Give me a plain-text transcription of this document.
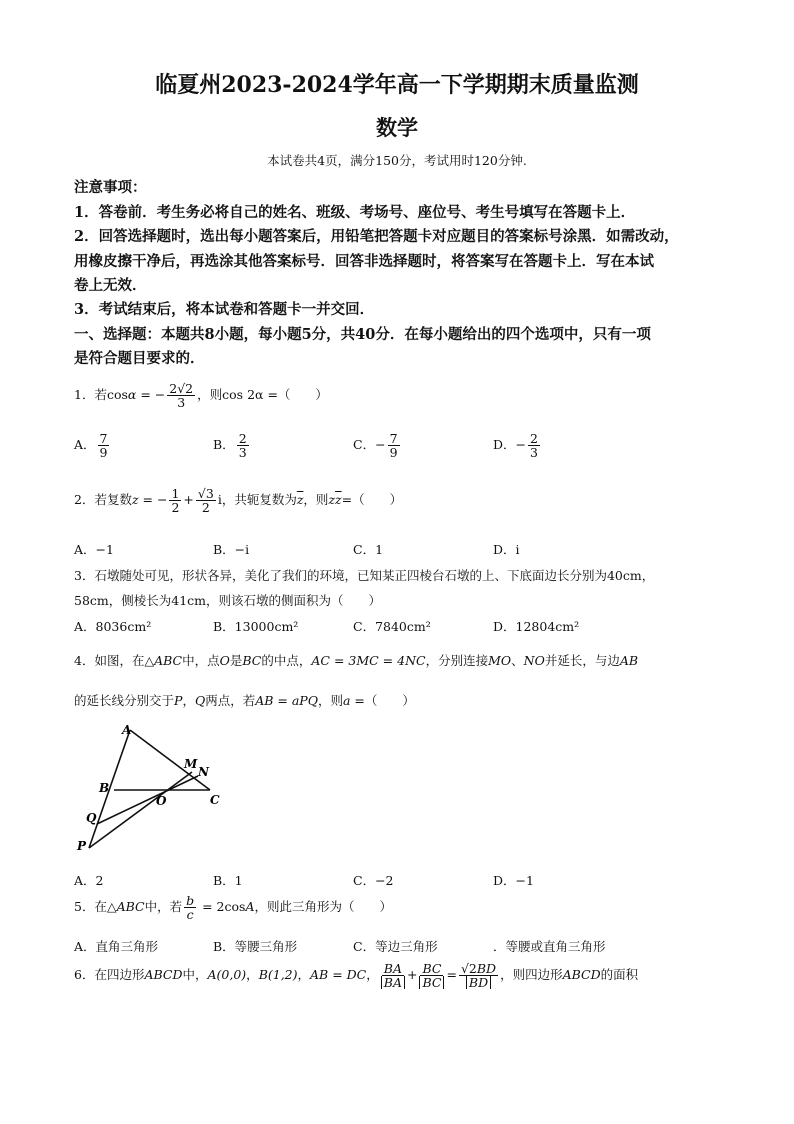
临夏州2023-2024学年高一下学期期末质量监测
数学
本试卷共4页，满分150分，考试用时120分钟.
注意事项：
1．答卷前．考生务必将自己的姓名、班级、考场号、座位号、考生号填写在答题卡上．
2．回答选择题时，选出每小题答案后，用铅笔把答题卡对应题目的答案标号涂黑．如需改动，
用橡皮擦干净后，再选涂其他答案标号．回答非选择题时，将答案写在答题卡上．写在本试
卷上无效．
3．考试结束后，将本试卷和答题卡一并交回．
一、选择题：本题共8小题，每小题5分，共40分．在每小题给出的四个选项中，只有一项
是符合题目要求的．
1．若cosα = − $\frac{2√2}{3}$ ，则cos 2α =（　　）
A． $\frac{7}{9}$	B． $\frac{2}{3}$	C．− $\frac{7}{9}$	D．− $\frac{2}{3}$
2．若复数z = − $\frac{1}{2} + \frac{√3}{2}$ i，共轭复数为$\overline{z}$，则$z\overline{z}=$（　　）
A．−1	B．−i	C．1	D．i
3．石墩随处可见，形状各异，美化了我们的环境，已知某正四棱台石墩的上、下底面边长分别为40cm，
58cm，侧棱长为41cm，则该石墩的侧面积为（　　）
A．8036cm²	B．13000cm²	C．7840cm²	D．12804cm²
4．如图，在△ABC中，点O是BC的中点，AC = 3MC = 4NC，分别连接MO、NO并延长，与边AB
的延长线分别交于P，Q两点，若AB = aPQ，则a =（　　）
A
M
N
B
O	C
Q
P
A．2	B．1	C．−2	D．−1
5．在△ABC中，若 $\frac{b}{c} = 2\cos A$，则此三角形为（　　）
A．直角三角形	B．等腰三角形	C．等边三角形	．等腰或直角三角形
6．在四边形ABCD中，A(0,0)，B(1,2)，AB = DC， $\frac{BA}{BA} + \frac{BC}{BC} = \frac{√2BD}{BD}$ ，则四边形ABCD的面积
